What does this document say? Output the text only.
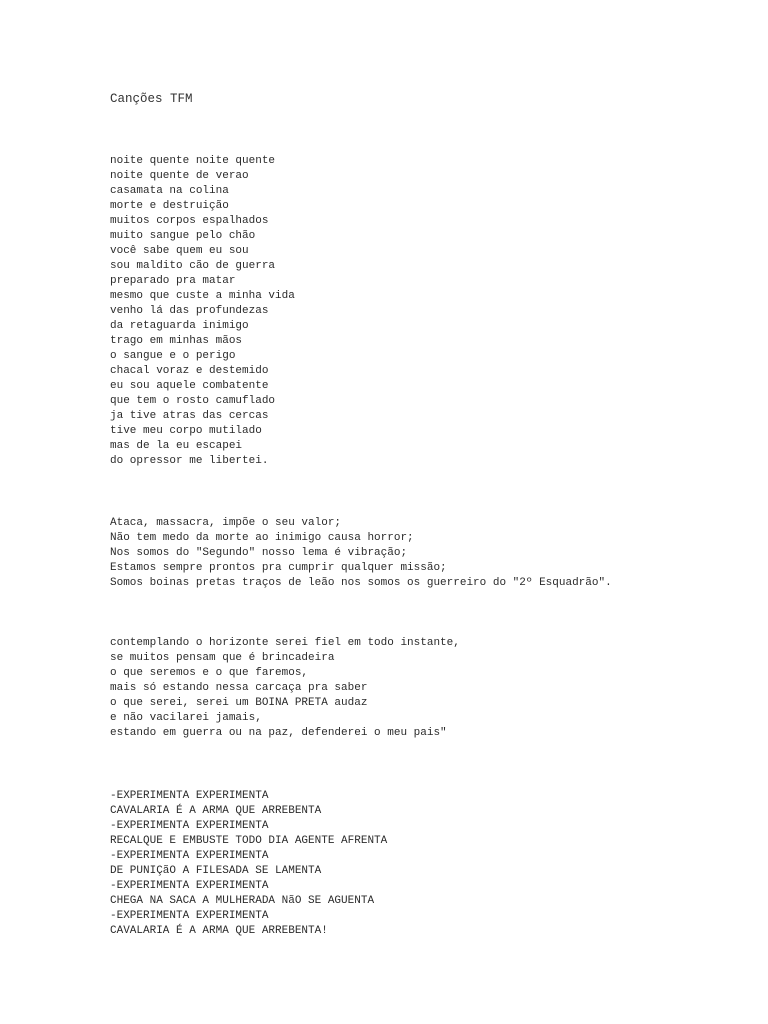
Canções TFM
noite quente noite quente
noite quente de verao
casamata na colina
morte e destruição
muitos corpos espalhados
muito sangue pelo chão
você sabe quem eu sou
sou maldito cão de guerra
preparado pra matar
mesmo que custe a minha vida
venho lá das profundezas
da retaguarda inimigo
trago em minhas mãos
o sangue e o perigo
chacal voraz e destemido
eu sou aquele combatente
que tem o rosto camuflado
ja tive atras das cercas
tive meu corpo mutilado
mas de la eu escapei
do opressor me libertei.
Ataca, massacra, impõe o seu valor;
Não tem medo da morte ao inimigo causa horror;
Nos somos do "Segundo" nosso lema é vibração;
Estamos sempre prontos pra cumprir qualquer missão;
Somos boinas pretas traços de leão nos somos os guerreiro do "2º Esquadrão".
contemplando o horizonte serei fiel em todo instante,
se muitos pensam que é brincadeira
o que seremos e o que faremos,
mais só estando nessa carcaça pra saber
o que serei, serei um BOINA PRETA audaz
e não vacilarei jamais,
estando em guerra ou na paz, defenderei o meu pais"
-EXPERIMENTA EXPERIMENTA
CAVALARIA É A ARMA QUE ARREBENTA
-EXPERIMENTA EXPERIMENTA
RECALQUE E EMBUSTE TODO DIA AGENTE AFRENTA
-EXPERIMENTA EXPERIMENTA
DE PUNIÇãO A FILESADA SE LAMENTA
-EXPERIMENTA EXPERIMENTA
CHEGA NA SACA A MULHERADA NãO SE AGUENTA
-EXPERIMENTA EXPERIMENTA
CAVALARIA É A ARMA QUE ARREBENTA!
